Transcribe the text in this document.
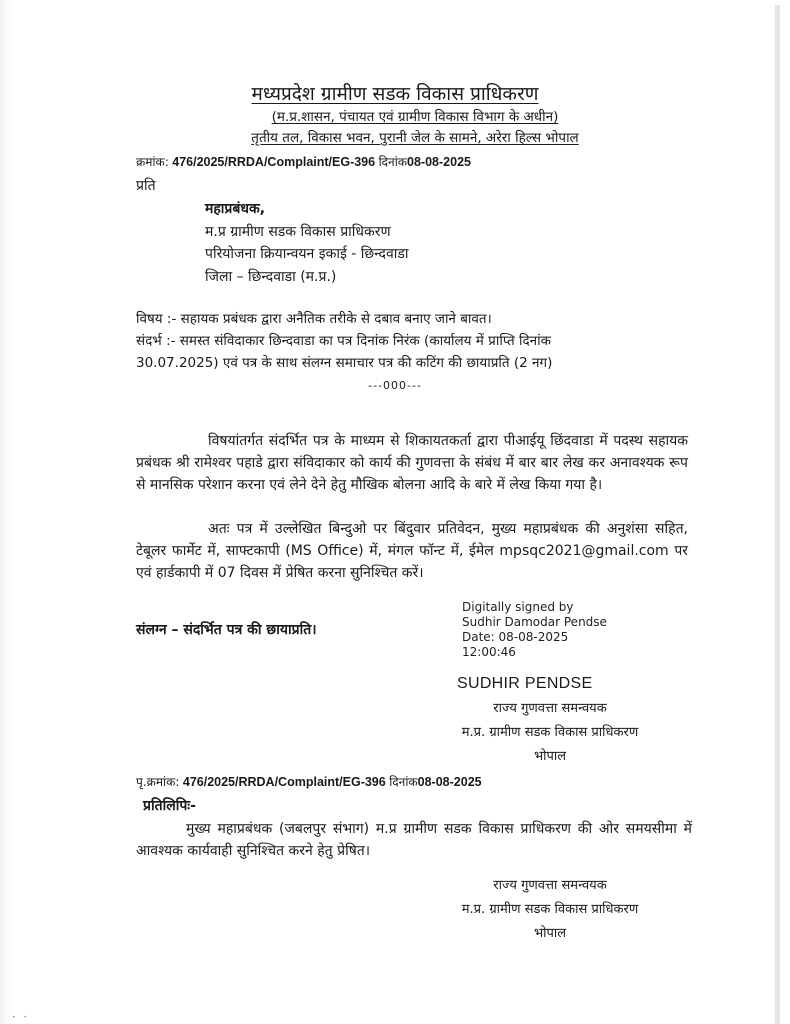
मध्यप्रदेश ग्रामीण सडक विकास प्राधिकरण
(म.प्र.शासन, पंचायत एवं ग्रामीण विकास विभाग के अधीन)
तृतीय तल, विकास भवन, पुरानी जेल के सामने, अरेरा हिल्स भोपाल
क्रमांक: 476/2025/RRDA/Complaint/EG-396 दिनांक08-08-2025
प्रति
महाप्रबंधक,
म.प्र ग्रामीण सडक विकास प्राधिकरण
परियोजना क्रियान्वयन इकाई - छिन्दवाडा
जिला – छिन्दवाडा (म.प्र.)
विषय :- सहायक प्रबंधक द्वारा अनैतिक तरीके से दबाव बनाए जाने बावत।
संदर्भ :- समस्त संविदाकार छिन्दवाडा का पत्र दिनांक निरंक (कार्यालय में प्राप्ति दिनांक
30.07.2025) एवं पत्र के साथ संलग्न समाचार पत्र की कटिंग की छायाप्रति (2 नग)
---000---
विषयांतर्गत संदर्भित पत्र के माध्यम से शिकायतकर्ता द्वारा पीआईयू छिंदवाडा में पदस्थ सहायक प्रबंधक श्री रामेश्वर पहाडे द्वारा संविदाकार को कार्य की गुणवत्ता के संबंध में बार बार लेख कर अनावश्यक रूप से मानसिक परेशान करना एवं लेने देने हेतु मौखिक बोलना आदि के बारे में लेख किया गया है।
अतः पत्र में उल्लेखित बिन्दुओ पर बिंदुवार प्रतिवेदन, मुख्य महाप्रबंधक की अनुशंसा सहित, टेबूलर फार्मेट में, साफ्टकापी (MS Office) में, मंगल फॉन्ट में, ईमेल mpsqc2021@gmail.com पर एवं हार्डकापी में 07 दिवस में प्रेषित करना सुनिश्चित करें।
संलग्न – संदर्भित पत्र की छायाप्रति।
Digitally signed by
Sudhir Damodar Pendse
Date: 08-08-2025
12:00:46
SUDHIR PENDSE
राज्य गुणवत्ता समन्वयक
म.प्र. ग्रामीण सडक विकास प्राधिकरण
भोपाल
पृ.क्रमांक: 476/2025/RRDA/Complaint/EG-396 दिनांक08-08-2025
प्रतिलिपिः-
मुख्य महाप्रबंधक (जबलपुर संभाग) म.प्र ग्रामीण सडक विकास प्राधिकरण की ओर समयसीमा में आवश्यक कार्यवाही सुनिश्चित करने हेतु प्रेषित।
राज्य गुणवत्ता समन्वयक
म.प्र. ग्रामीण सडक विकास प्राधिकरण
भोपाल
• •
